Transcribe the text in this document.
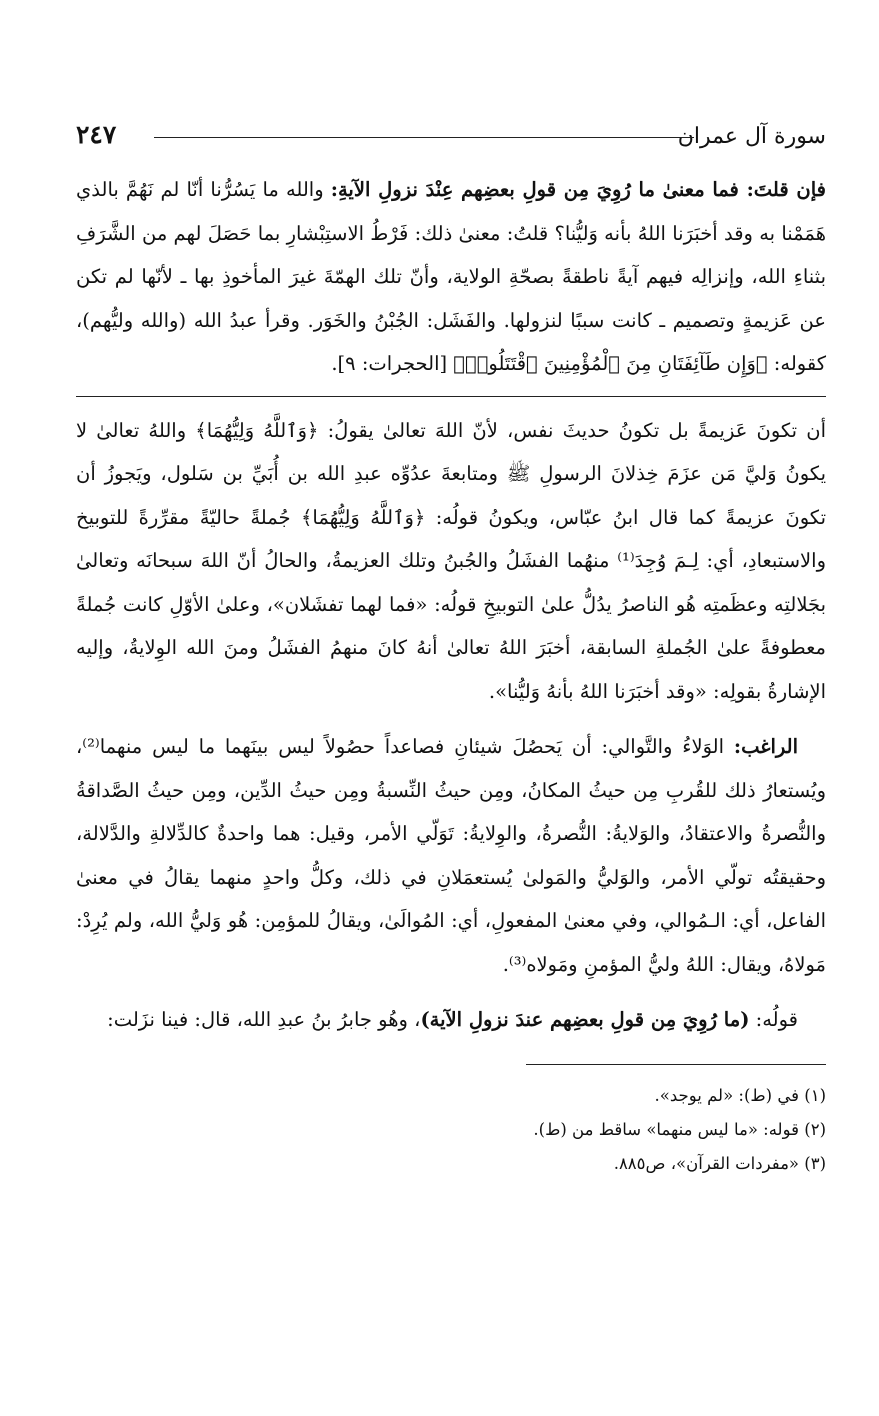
سورة آل عمران
٢٤٧

فإن قلتَ: فما معنىٰ ما رُوِيَ مِن قولِ بعضِهم عِنْدَ نزولِ الآيةِ: والله ما يَسُرُّنا أنّا لم نَهُمَّ بالذي هَمَمْنا به وقد أخبَرَنا اللهُ بأنه وَليُّنا؟ قلتُ: معنىٰ ذلك: فَرْطُ الاستِبْشارِ بما حَصَلَ لهم من الشَّرَفِ بثناءِ الله، وإنزالِه فيهم آيةً ناطقةً بصحّةِ الولاية، وأنّ تلك الهمّةَ غيرَ المأخوذِ بها ـ لأنّها لم تكن عن عَزيمةٍ وتصميم ـ كانت سببًا لنزولها. والفَشَل: الجُبْنُ والخَوَر. وقرأ عبدُ الله (والله وليُّهم)، كقوله: ﴿وَإِن طَآئِفَتَانِ مِنَ ٱلْمُؤْمِنِينَ ٱقْتَتَلُوا۟﴾ [الحجرات: ٩].

أن تكونَ عَزيمةً بل تكونُ حديثَ نفس، لأنّ اللهَ تعالىٰ يقولُ: ﴿وَٱللَّهُ وَلِيُّهُمَا﴾ واللهُ تعالىٰ لا يكونُ وَليَّ مَن عزَمَ خِذلانَ الرسولِ ﷺ ومتابعةَ عدُوِّه عبدِ الله بن أُبَيِّ بن سَلول، ويَجوزُ أن تكونَ عزيمةً كما قال ابنُ عبّاس، ويكونُ قولُه: ﴿وَٱللَّهُ وَلِيُّهُمَا﴾ جُملةً حاليّةً مقرِّرةً للتوبيخ والاستبعادِ، أي: لِـمَ وُجِدَ⁽¹⁾ منهُما الفشَلُ والجُبنُ وتلك العزيمةُ، والحالُ أنّ اللهَ سبحانَه وتعالىٰ بجَلالتِه وعظَمتِه هُو الناصرُ يدُلُّ علىٰ التوبيخِ قولُه: «فما لهما تفشَلان»، وعلىٰ الأوّلِ كانت جُملةً معطوفةً علىٰ الجُملةِ السابقة، أخبَرَ اللهُ تعالىٰ أنهُ كانَ منهمُ الفشَلُ ومنَ الله الوِلايةُ، وإليه الإشارةُ بقولِه: «وقد أخبَرَنا اللهُ بأنهُ وَليُّنا».

الراغب: الوَلاءُ والتَّوالي: أن يَحصُلَ شيئانِ فصاعداً حصُولاً ليس بينَهما ما ليس منهما⁽²⁾، ويُستعارُ ذلك للقُربِ مِن حيثُ المكانُ، ومِن حيثُ النِّسبةُ ومِن حيثُ الدِّين، ومِن حيثُ الصَّداقةُ والنُّصرةُ والاعتقادُ، والوَلايةُ: النُّصرةُ، والوِلايةُ: تَوَلّي الأمر، وقيل: هما واحدةٌ كالدِّلالةِ والدَّلالة، وحقيقتُه تولّي الأمر، والوَليُّ والمَولىٰ يُستعمَلانِ في ذلك، وكلُّ واحدٍ منهما يقالُ في معنىٰ الفاعل، أي: الـمُوالي، وفي معنىٰ المفعولِ، أي: المُوالَىٰ، ويقالُ للمؤمِن: هُو وَليُّ الله، ولم يُرِدْ: مَولاهُ، ويقال: اللهُ وليُّ المؤمنِ ومَولاه⁽³⁾.

قولُه: (ما رُوِيَ مِن قولِ بعضِهم عندَ نزولِ الآية)، وهُو جابرُ بنُ عبدِ الله، قال: فينا نزَلت:

(١) في (ط): «لم يوجد».

(٢) قوله: «ما ليس منهما» ساقط من (ط).

(٣) «مفردات القرآن»، ص٨٨٥.
